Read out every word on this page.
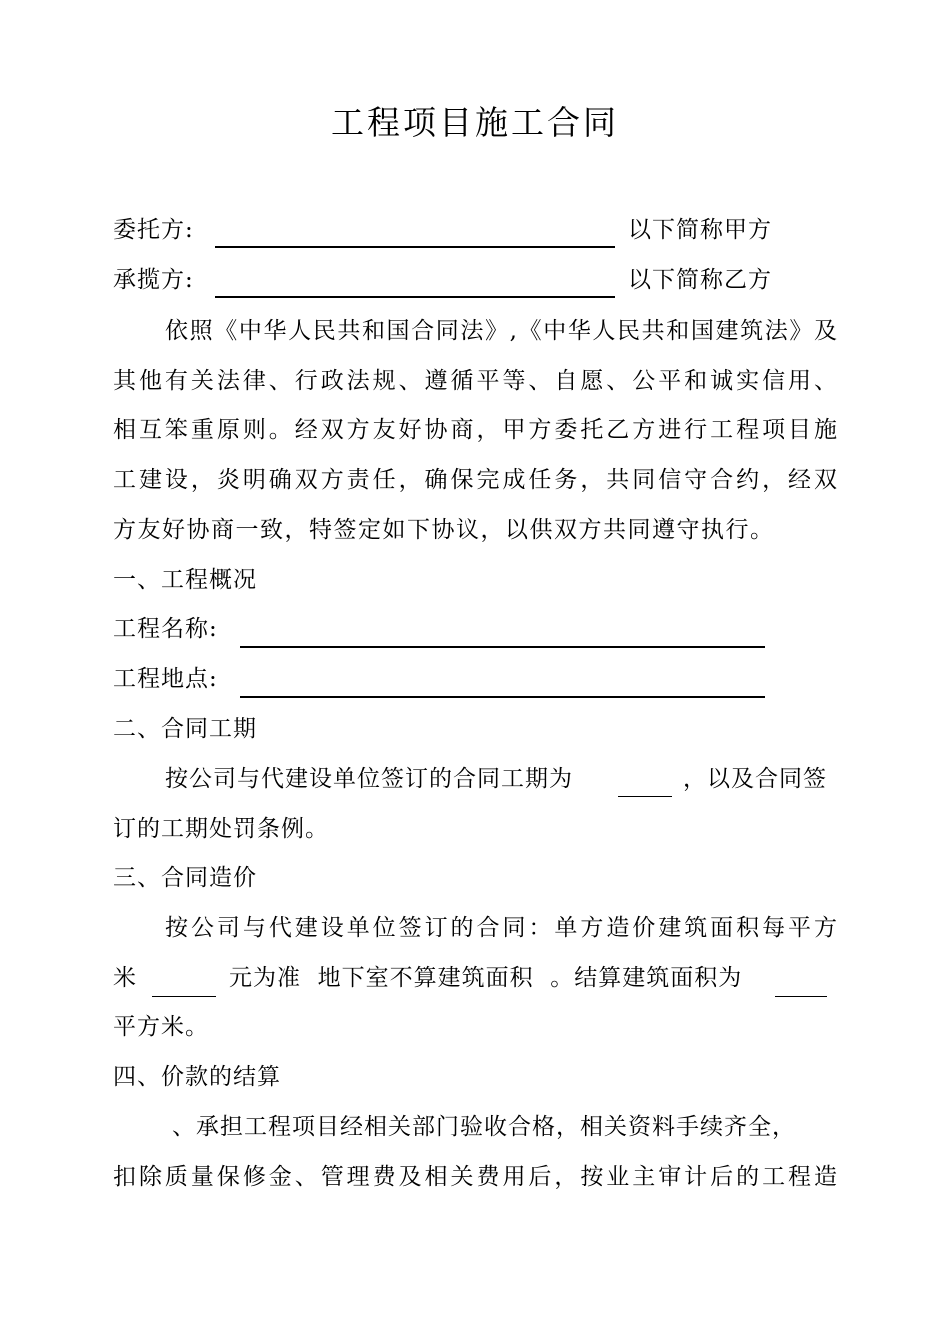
工程项目施工合同
委托方:	以下简称甲方
承揽方:	以下简称乙方
依照《中华人民共和国合同法》,《中华人民共和国建筑法》及
其他有关法律、行政法规、遵循平等、自愿、公平和诚实信用、
相互笨重原则。经双方友好协商，甲方委托乙方进行工程项目施
工建设，炎明确双方责任，确保完成任务，共同信守合约，经双
方友好协商一致，特签定如下协议，以供双方共同遵守执行。
一、工程概况
工程名称:
工程地点:
二、合同工期
按公司与代建设单位签订的合同工期为	，以及合同签
订的工期处罚条例。
三、合同造价
按公司与代建设单位签订的合同：单方造价建筑面积每平方
米	元为准  地下室不算建筑面积  。结算建筑面积为
平方米。
四、价款的结算
、承担工程项目经相关部门验收合格，相关资料手续齐全，
扣除质量保修金、管理费及相关费用后，按业主审计后的工程造
